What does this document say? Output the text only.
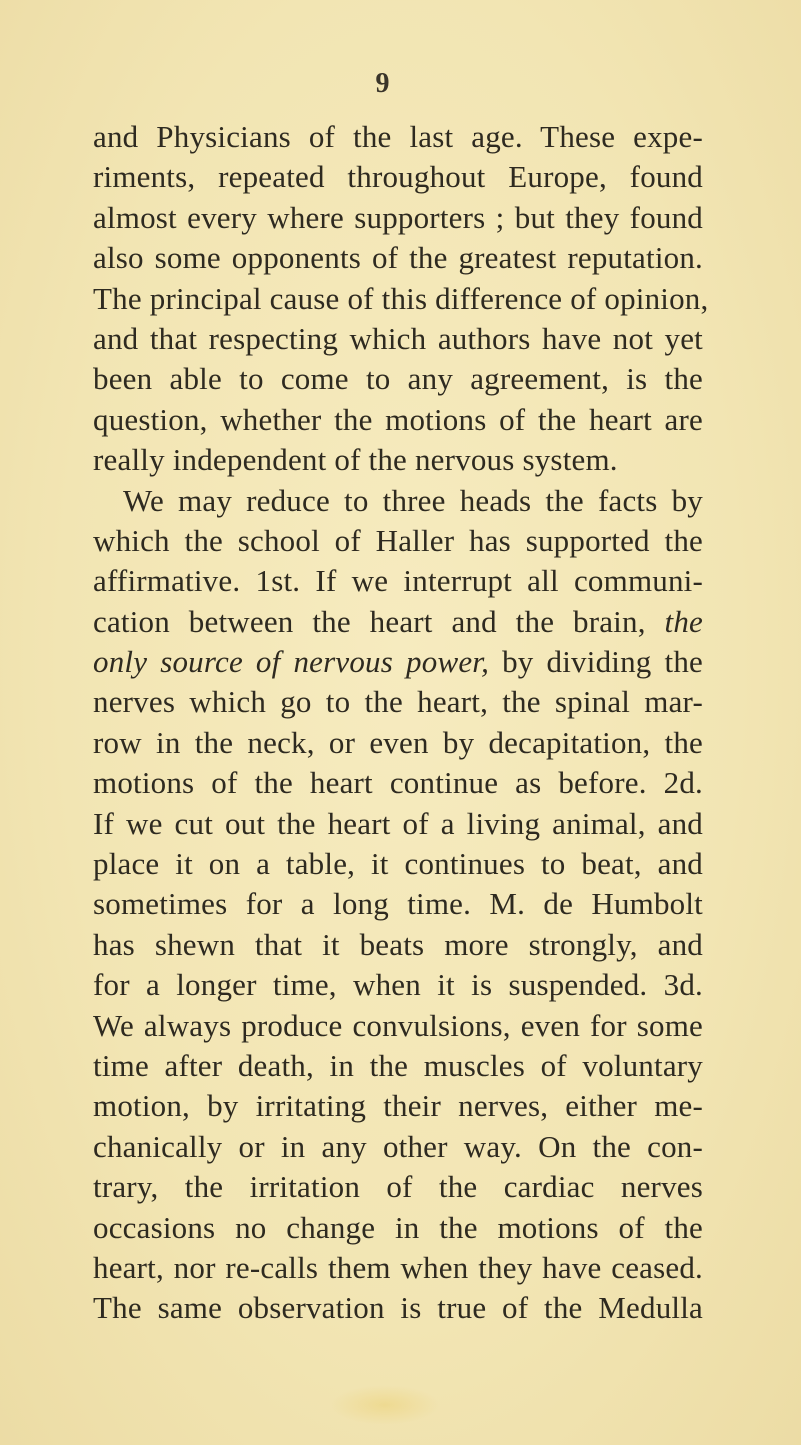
9
and Physicians of the last age. These expe-
riments, repeated throughout Europe, found
almost every where supporters ; but they found
also some opponents of the greatest reputation.
The principal cause of this difference of opinion,
and that respecting which authors have not yet
been able to come to any agreement, is the
question, whether the motions of the heart are
really independent of the nervous system.
We may reduce to three heads the facts by
which the school of Haller has supported the
affirmative. 1st. If we interrupt all communi-
cation between the heart and the brain, the
only source of nervous power, by dividing the
nerves which go to the heart, the spinal mar-
row in the neck, or even by decapitation, the
motions of the heart continue as before. 2d.
If we cut out the heart of a living animal, and
place it on a table, it continues to beat, and
sometimes for a long time. M. de Humbolt
has shewn that it beats more strongly, and
for a longer time, when it is suspended. 3d.
We always produce convulsions, even for some
time after death, in the muscles of voluntary
motion, by irritating their nerves, either me-
chanically or in any other way. On the con-
trary, the irritation of the cardiac nerves
occasions no change in the motions of the
heart, nor re-calls them when they have ceased.
The same observation is true of the Medulla
